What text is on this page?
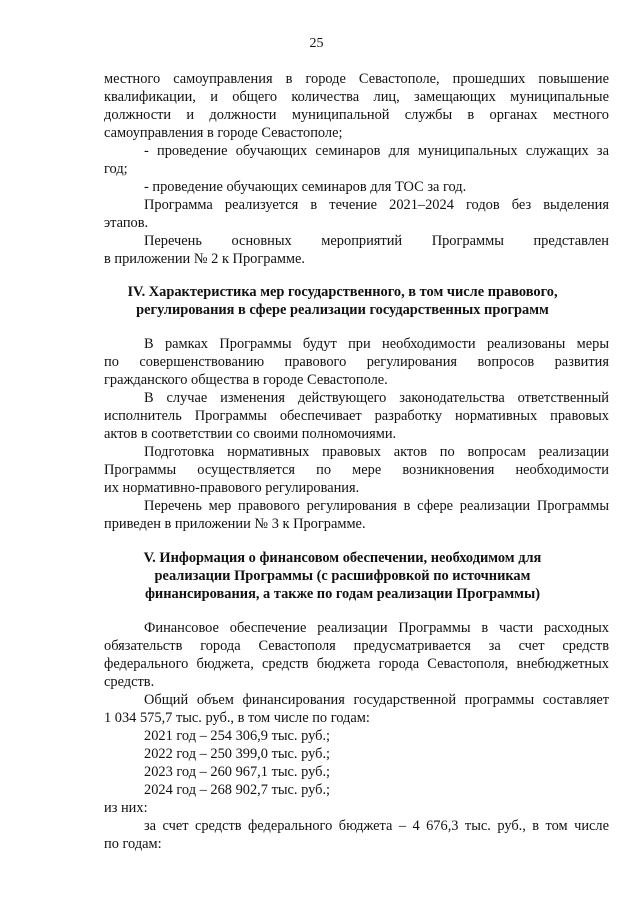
25
местного самоуправления в городе Севастополе, прошедших повышение
квалификации, и общего количества лиц, замещающих муниципальные
должности и должности муниципальной службы в органах местного
самоуправления в городе Севастополе;
- проведение обучающих семинаров для муниципальных служащих за
год;
- проведение обучающих семинаров для ТОС за год.
Программа реализуется в течение 2021–2024 годов без выделения
этапов.
Перечень основных мероприятий Программы представлен
в приложении № 2 к Программе.
IV. Характеристика мер государственного, в том числе правового,
регулирования в сфере реализации государственных программ
В рамках Программы будут при необходимости реализованы меры
по совершенствованию правового регулирования вопросов развития
гражданского общества в городе Севастополе.
В случае изменения действующего законодательства ответственный
исполнитель Программы обеспечивает разработку нормативных правовых
актов в соответствии со своими полномочиями.
Подготовка нормативных правовых актов по вопросам реализации
Программы осуществляется по мере возникновения необходимости
их нормативно-правового регулирования.
Перечень мер правового регулирования в сфере реализации Программы
приведен в приложении № 3 к Программе.
V. Информация о финансовом обеспечении, необходимом для
реализации Программы (с расшифровкой по источникам
финансирования, а также по годам реализации Программы)
Финансовое обеспечение реализации Программы в части расходных
обязательств города Севастополя предусматривается за счет средств
федерального бюджета, средств бюджета города Севастополя, внебюджетных
средств.
Общий объем финансирования государственной программы составляет
1 034 575,7 тыс. руб., в том числе по годам:
2021 год – 254 306,9 тыс. руб.;
2022 год – 250 399,0 тыс. руб.;
2023 год – 260 967,1 тыс. руб.;
2024 год – 268 902,7 тыс. руб.;
из них:
за счет средств федерального бюджета – 4 676,3 тыс. руб., в том числе
по годам:
